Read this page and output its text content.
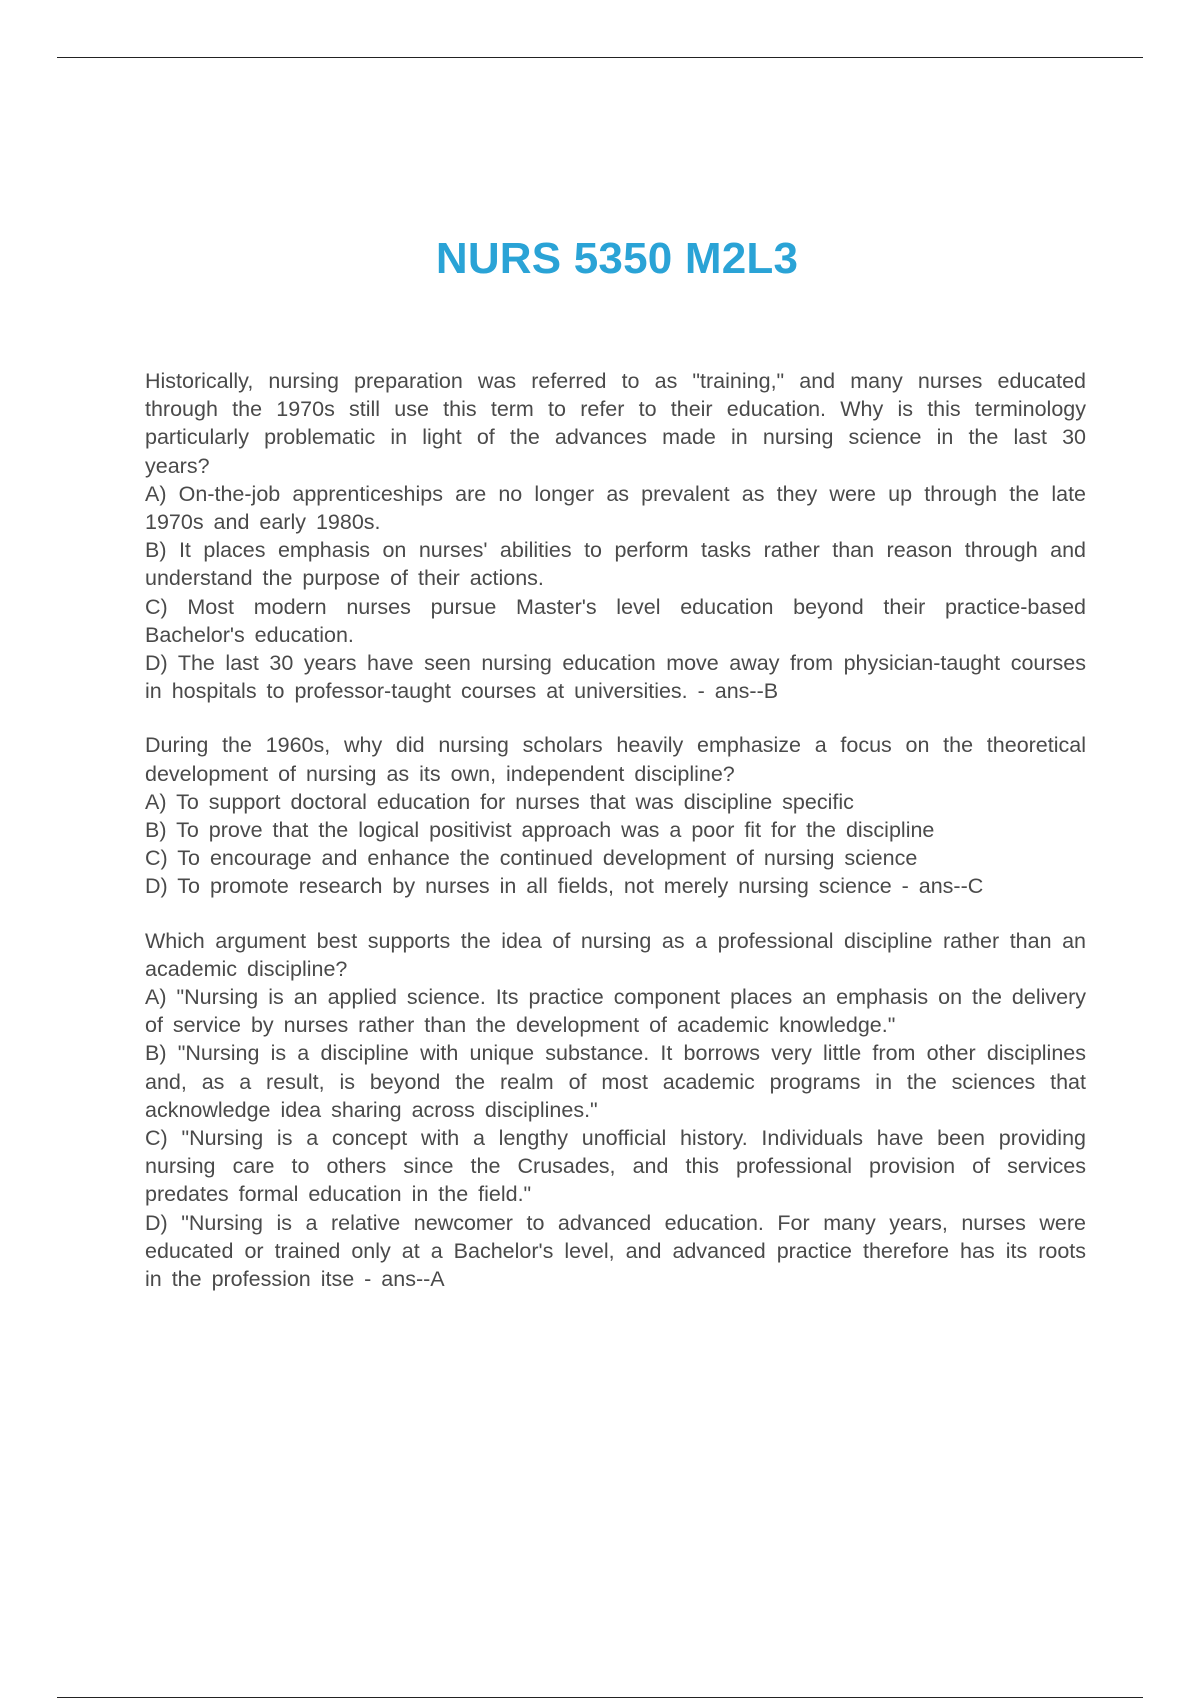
NURS 5350 M2L3

Historically, nursing preparation was referred to as "training," and many nurses educated through the 1970s still use this term to refer to their education. Why is this terminology particularly problematic in light of the advances made in nursing science in the last 30 years?

A) On-the-job apprenticeships are no longer as prevalent as they were up through the late 1970s and early 1980s.

B) It places emphasis on nurses' abilities to perform tasks rather than reason through and understand the purpose of their actions.

C) Most modern nurses pursue Master's level education beyond their practice-based Bachelor's education.

D) The last 30 years have seen nursing education move away from physician-taught courses in hospitals to professor-taught courses at universities. - ans--B

During the 1960s, why did nursing scholars heavily emphasize a focus on the theoretical development of nursing as its own, independent discipline?

A) To support doctoral education for nurses that was discipline specific

B) To prove that the logical positivist approach was a poor fit for the discipline

C) To encourage and enhance the continued development of nursing science

D) To promote research by nurses in all fields, not merely nursing science - ans--C

Which argument best supports the idea of nursing as a professional discipline rather than an academic discipline?

A) "Nursing is an applied science. Its practice component places an emphasis on the delivery of service by nurses rather than the development of academic knowledge."

B) "Nursing is a discipline with unique substance. It borrows very little from other disciplines and, as a result, is beyond the realm of most academic programs in the sciences that acknowledge idea sharing across disciplines."

C) "Nursing is a concept with a lengthy unofficial history. Individuals have been providing nursing care to others since the Crusades, and this professional provision of services predates formal education in the field."

D) "Nursing is a relative newcomer to advanced education. For many years, nurses were educated or trained only at a Bachelor's level, and advanced practice therefore has its roots in the profession itse - ans--A
